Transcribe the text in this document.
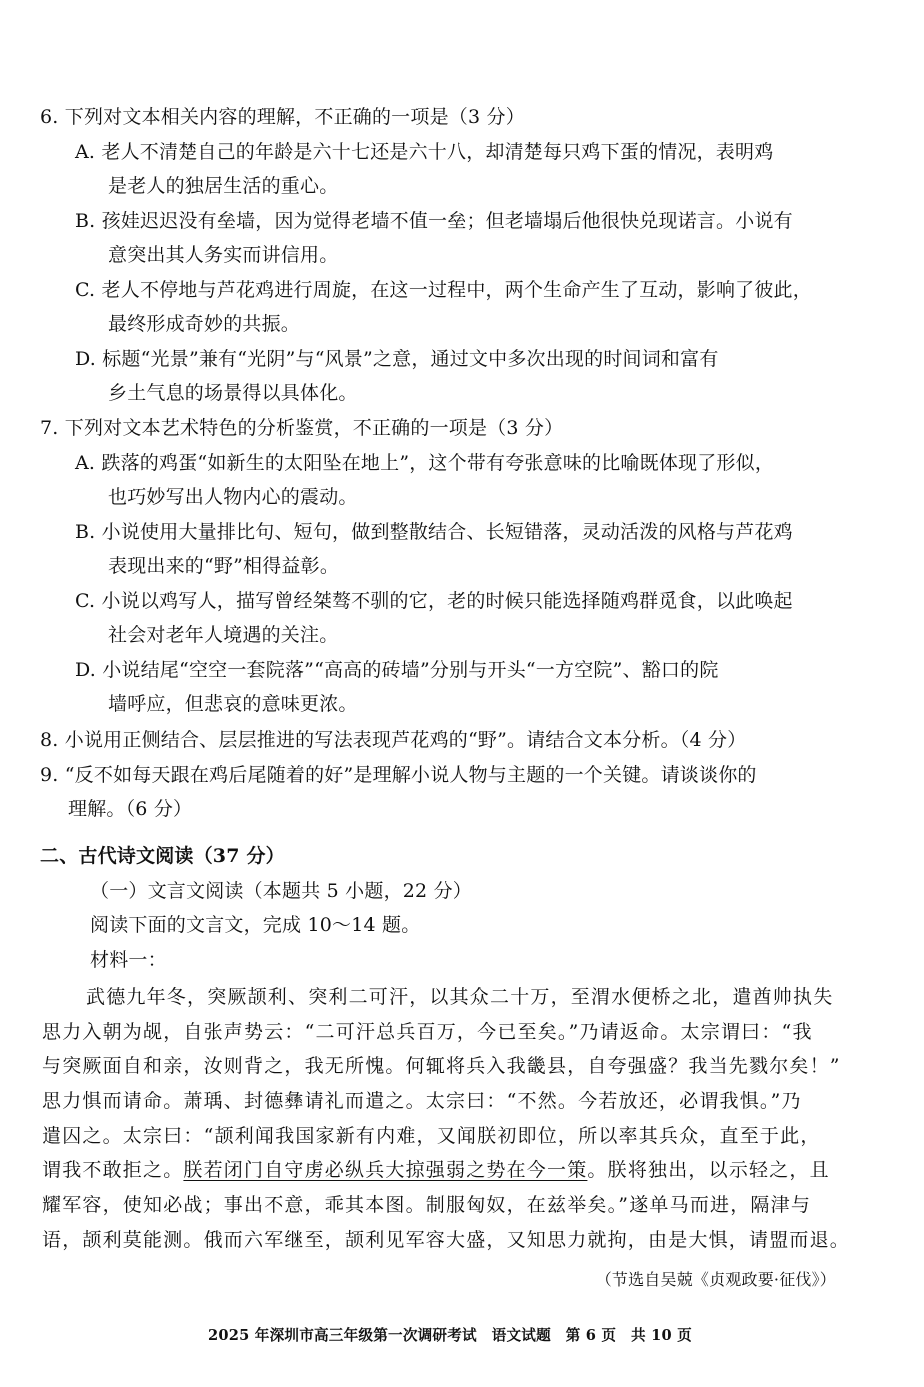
6. 下列对文本相关内容的理解，不正确的一项是（3 分）
A. 老人不清楚自己的年龄是六十七还是六十八，却清楚每只鸡下蛋的情况，表明鸡
是老人的独居生活的重心。
B. 孩娃迟迟没有垒墙，因为觉得老墙不值一垒；但老墙塌后他很快兑现诺言。小说有
意突出其人务实而讲信用。
C. 老人不停地与芦花鸡进行周旋，在这一过程中，两个生命产生了互动，影响了彼此，
最终形成奇妙的共振。
D. 标题“光景”兼有“光阴”与“风景”之意，通过文中多次出现的时间词和富有
乡土气息的场景得以具体化。
7. 下列对文本艺术特色的分析鉴赏，不正确的一项是（3 分）
A. 跌落的鸡蛋“如新生的太阳坠在地上”，这个带有夸张意味的比喻既体现了形似，
也巧妙写出人物内心的震动。
B. 小说使用大量排比句、短句，做到整散结合、长短错落，灵动活泼的风格与芦花鸡
表现出来的“野”相得益彰。
C. 小说以鸡写人，描写曾经桀骜不驯的它，老的时候只能选择随鸡群觅食，以此唤起
社会对老年人境遇的关注。
D. 小说结尾“空空一套院落”“高高的砖墙”分别与开头“一方空院”、豁口的院
墙呼应，但悲哀的意味更浓。
8. 小说用正侧结合、层层推进的写法表现芦花鸡的“野”。请结合文本分析。（4 分）
9. “反不如每天跟在鸡后尾随着的好”是理解小说人物与主题的一个关键。请谈谈你的
理解。（6 分）
二、古代诗文阅读（37 分）
（一）文言文阅读（本题共 5 小题，22 分）
阅读下面的文言文，完成 10～14 题。
材料一：
武德九年冬，突厥颉利、突利二可汗，以其众二十万，至渭水便桥之北，遣酋帅执失
思力入朝为觇，自张声势云：“二可汗总兵百万，今已至矣。”乃请返命。太宗谓曰：“我
与突厥面自和亲，汝则背之，我无所愧。何辄将兵入我畿县，自夸强盛？我当先戮尔矣！”
思力惧而请命。萧瑀、封德彝请礼而遣之。太宗曰：“不然。今若放还，必谓我惧。”乃
遣囚之。太宗曰：“颉利闻我国家新有内难，又闻朕初即位，所以率其兵众，直至于此，
谓我不敢拒之。朕若闭门自守虏必纵兵大掠强弱之势在今一策。朕将独出，以示轻之，且
耀军容，使知必战；事出不意，乖其本图。制服匈奴，在兹举矣。”遂单马而进，隔津与
语，颉利莫能测。俄而六军继至，颉利见军容大盛，又知思力就拘，由是大惧，请盟而退。
（节选自吴兢《贞观政要·征伐》）
2025 年深圳市高三年级第一次调研考试　语文试题　第 6 页　共 10 页
